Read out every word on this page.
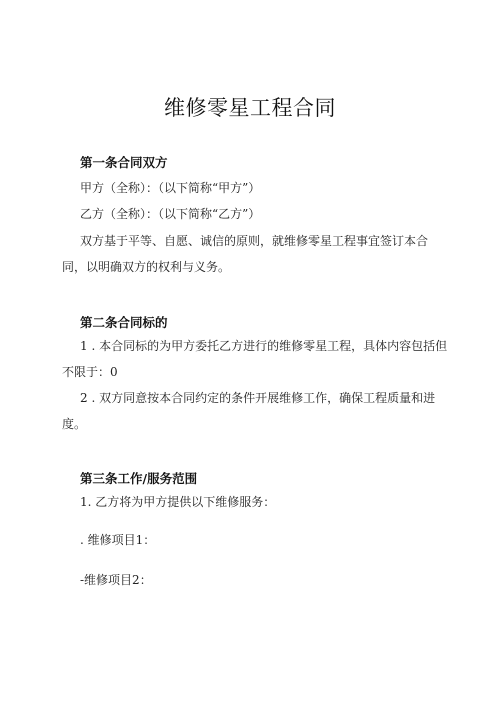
维修零星工程合同
第一条合同双方
甲方（全称）：（以下简称“甲方”）
乙方（全称）：（以下简称“乙方”）
双方基于平等、自愿、诚信的原则，就维修零星工程事宜签订本合
同，以明确双方的权利与义务。
第二条合同标的
1 . 本合同标的为甲方委托乙方进行的维修零星工程，具体内容包括但
不限于：0
2 . 双方同意按本合同约定的条件开展维修工作，确保工程质量和进
度。
第三条工作/服务范围
1. 乙方将为甲方提供以下维修服务：
. 维修项目1：
-维修项目2：
